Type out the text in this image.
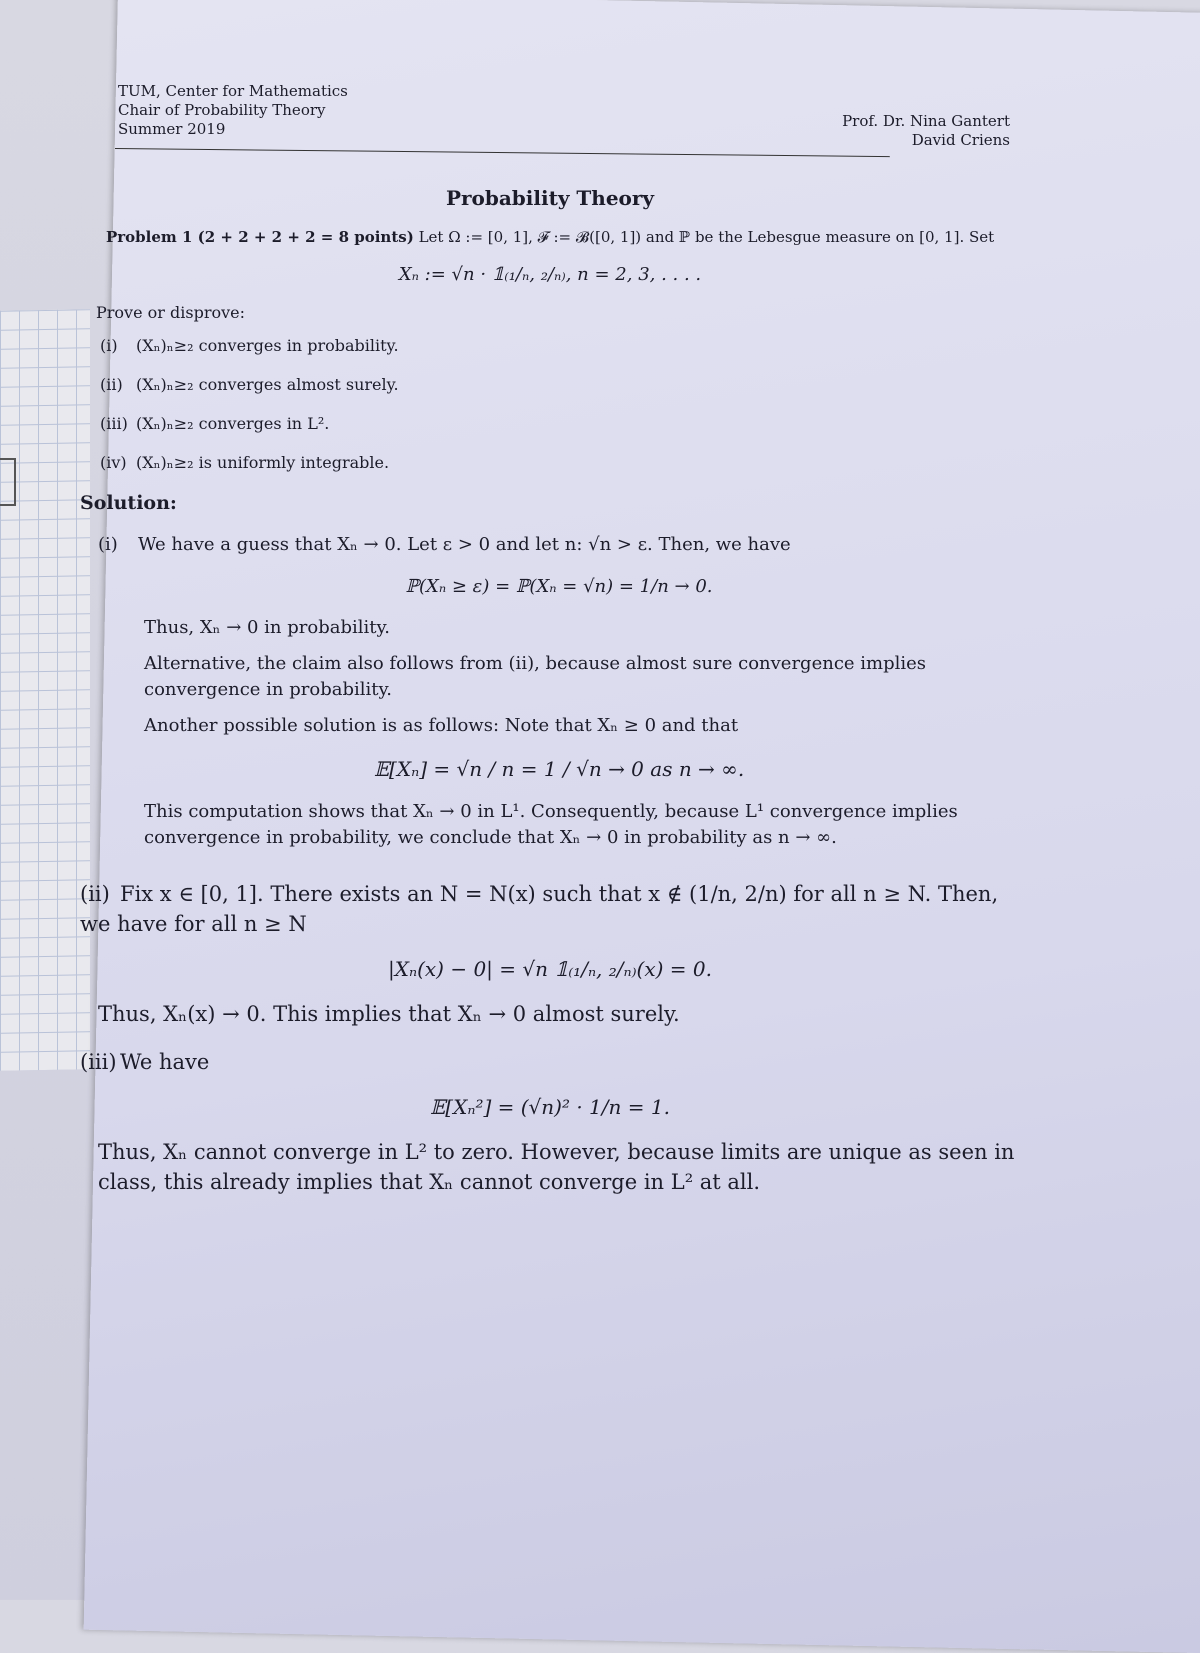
TUM, Center for Mathematics
Chair of Probability Theory
Summer 2019	Prof. Dr. Nina Gantert
David Criens
Probability Theory

Problem 1 (2 + 2 + 2 + 2 = 8 points) Let Ω := [0, 1], 𝓕 := 𝓑([0, 1]) and ℙ be the Lebesgue measure on [0, 1]. Set

Xₙ := √n · 𝟙₍₁/ₙ, ₂/ₙ₎, n = 2, 3, . . . .
Prove or disprove:
(i) (Xₙ)ₙ≥₂ converges in probability.
(ii) (Xₙ)ₙ≥₂ converges almost surely.
(iii) (Xₙ)ₙ≥₂ converges in L².
(iv) (Xₙ)ₙ≥₂ is uniformly integrable.
Solution:

(i) We have a guess that Xₙ → 0. Let ε > 0 and let n: √n > ε. Then, we have

ℙ(Xₙ ≥ ε) = ℙ(Xₙ = √n) = 1/n → 0.

Thus, Xₙ → 0 in probability.

Alternative, the claim also follows from (ii), because almost sure convergence implies convergence in probability.

Another possible solution is as follows: Note that Xₙ ≥ 0 and that

𝔼[Xₙ] = √n / n = 1 / √n → 0 as n → ∞.

This computation shows that Xₙ → 0 in L¹. Consequently, because L¹ convergence implies convergence in probability, we conclude that Xₙ → 0 in probability as n → ∞.

(ii) Fix x ∈ [0, 1]. There exists an N = N(x) such that x ∉ (1/n, 2/n) for all n ≥ N. Then, we have for all n ≥ N

|Xₙ(x) − 0| = √n 𝟙₍₁/ₙ, ₂/ₙ₎(x) = 0.

Thus, Xₙ(x) → 0. This implies that Xₙ → 0 almost surely.

(iii) We have

𝔼[Xₙ²] = (√n)² · 1/n = 1.

Thus, Xₙ cannot converge in L² to zero. However, because limits are unique as seen in class, this already implies that Xₙ cannot converge in L² at all.
